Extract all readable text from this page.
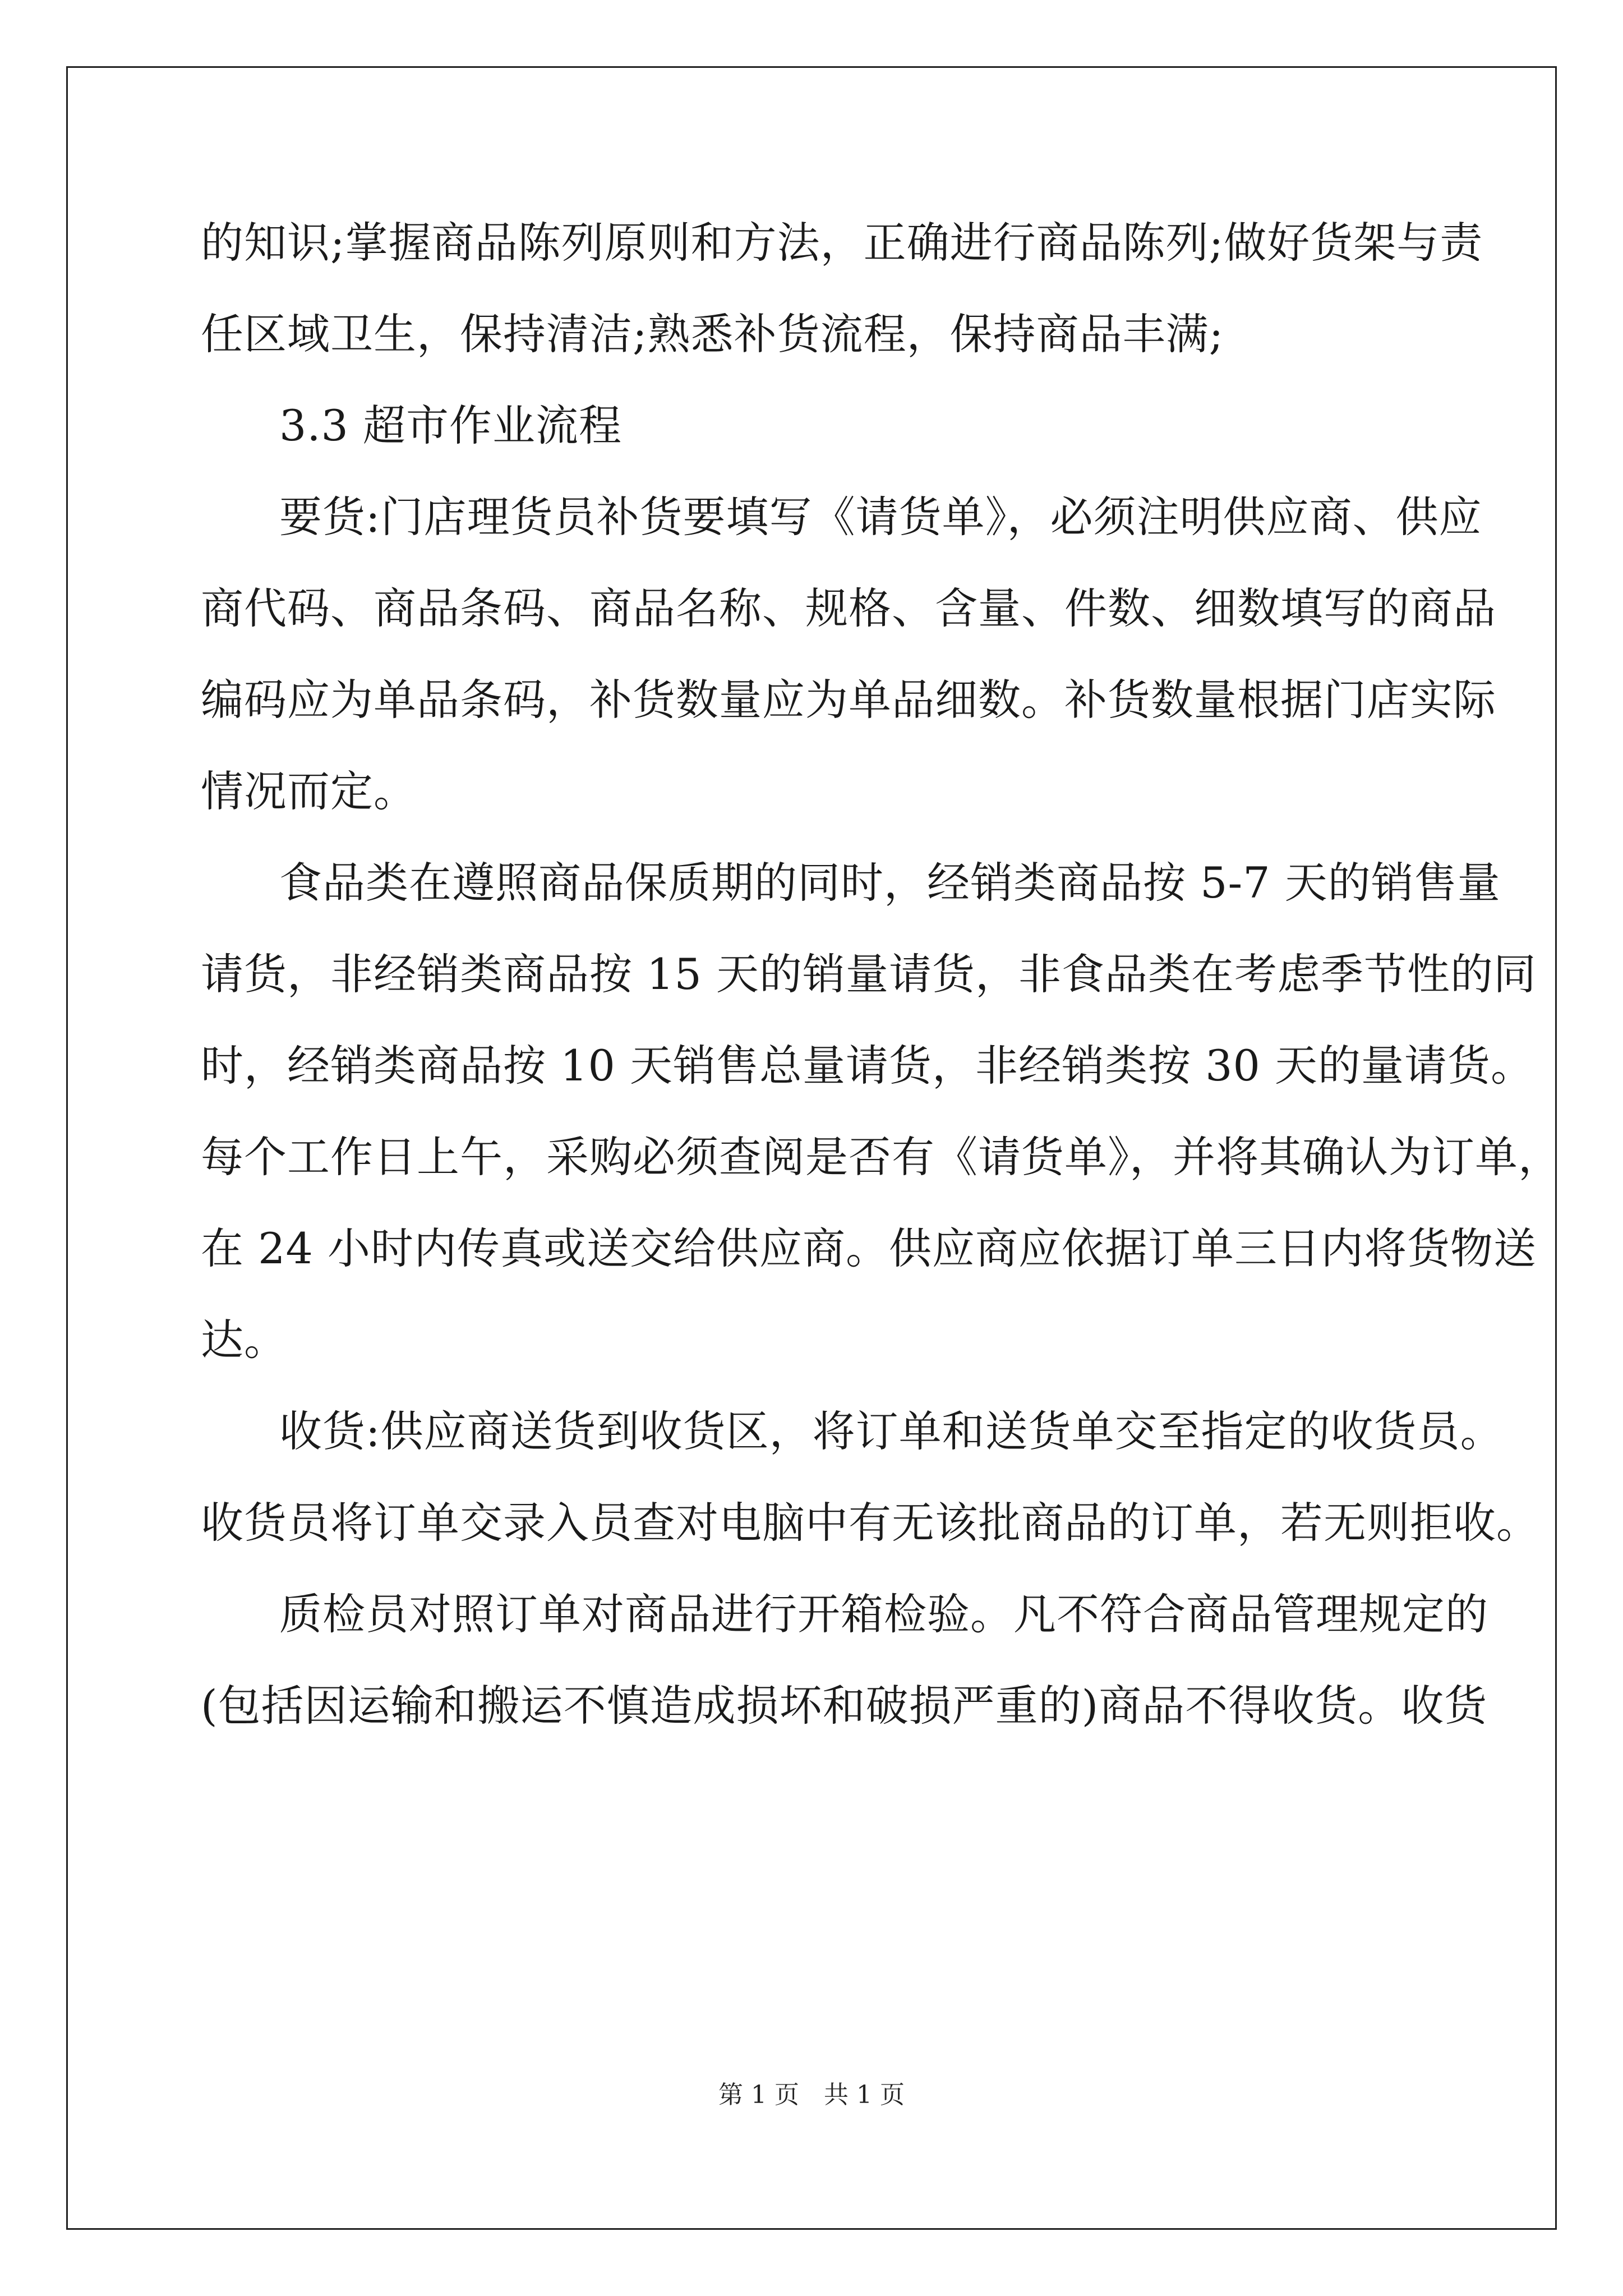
的知识;掌握商品陈列原则和方法，正确进行商品陈列;做好货架与责
任区域卫生，保持清洁;熟悉补货流程，保持商品丰满;
3.3 超市作业流程
要货:门店理货员补货要填写《请货单》，必须注明供应商、供应
商代码、商品条码、商品名称、规格、含量、件数、细数填写的商品
编码应为单品条码，补货数量应为单品细数。补货数量根据门店实际
情况而定。
食品类在遵照商品保质期的同时，经销类商品按 5-7 天的销售量
请货，非经销类商品按 15 天的销量请货，非食品类在考虑季节性的同
时，经销类商品按 10 天销售总量请货，非经销类按 30 天的量请货。
每个工作日上午，采购必须查阅是否有《请货单》，并将其确认为订单，
在 24 小时内传真或送交给供应商。供应商应依据订单三日内将货物送
达。
收货:供应商送货到收货区，将订单和送货单交至指定的收货员。
收货员将订单交录入员查对电脑中有无该批商品的订单，若无则拒收。
质检员对照订单对商品进行开箱检验。凡不符合商品管理规定的
(包括因运输和搬运不慎造成损坏和破损严重的)商品不得收货。收货
第 1 页　共 1 页
